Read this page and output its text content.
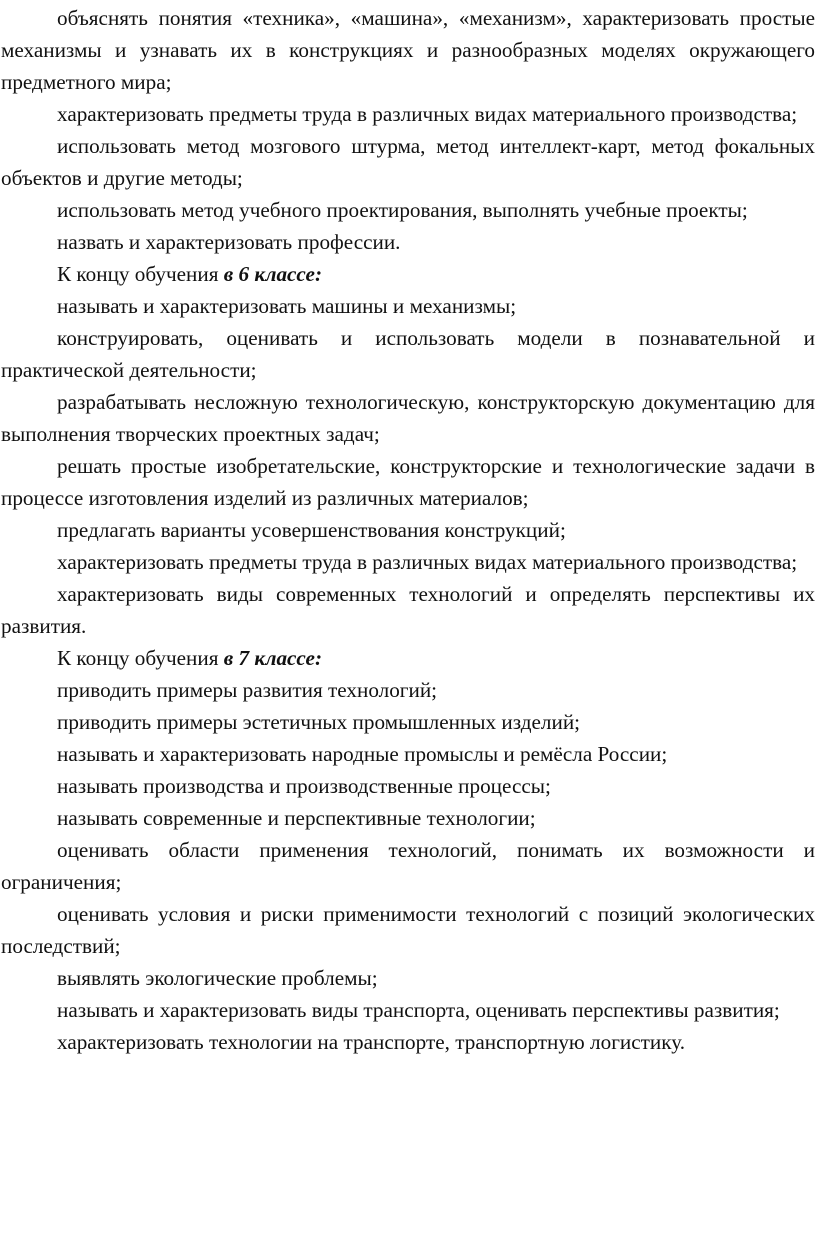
объяснять понятия «техника», «машина», «механизм», характеризовать простые механизмы и узнавать их в конструкциях и разнообразных моделях окружающего предметного мира;

характеризовать предметы труда в различных видах материального производства;

использовать метод мозгового штурма, метод интеллект-карт, метод фокальных объектов и другие методы;

использовать метод учебного проектирования, выполнять учебные проекты;

назвать и характеризовать профессии.

К концу обучения в 6 классе:

называть и характеризовать машины и механизмы;

конструировать, оценивать и использовать модели в познавательной и практической деятельности;

разрабатывать несложную технологическую, конструкторскую документацию для выполнения творческих проектных задач;

решать простые изобретательские, конструкторские и технологические задачи в процессе изготовления изделий из различных материалов;

предлагать варианты усовершенствования конструкций;

характеризовать предметы труда в различных видах материального производства;

характеризовать виды современных технологий и определять перспективы их развития.

К концу обучения в 7 классе:

приводить примеры развития технологий;

приводить примеры эстетичных промышленных изделий;

называть и характеризовать народные промыслы и ремёсла России;

называть производства и производственные процессы;

называть современные и перспективные технологии;

оценивать области применения технологий, понимать их возможности и ограничения;

оценивать условия и риски применимости технологий с позиций экологических последствий;

выявлять экологические проблемы;

называть и характеризовать виды транспорта, оценивать перспективы развития;

характеризовать технологии на транспорте, транспортную логистику.
